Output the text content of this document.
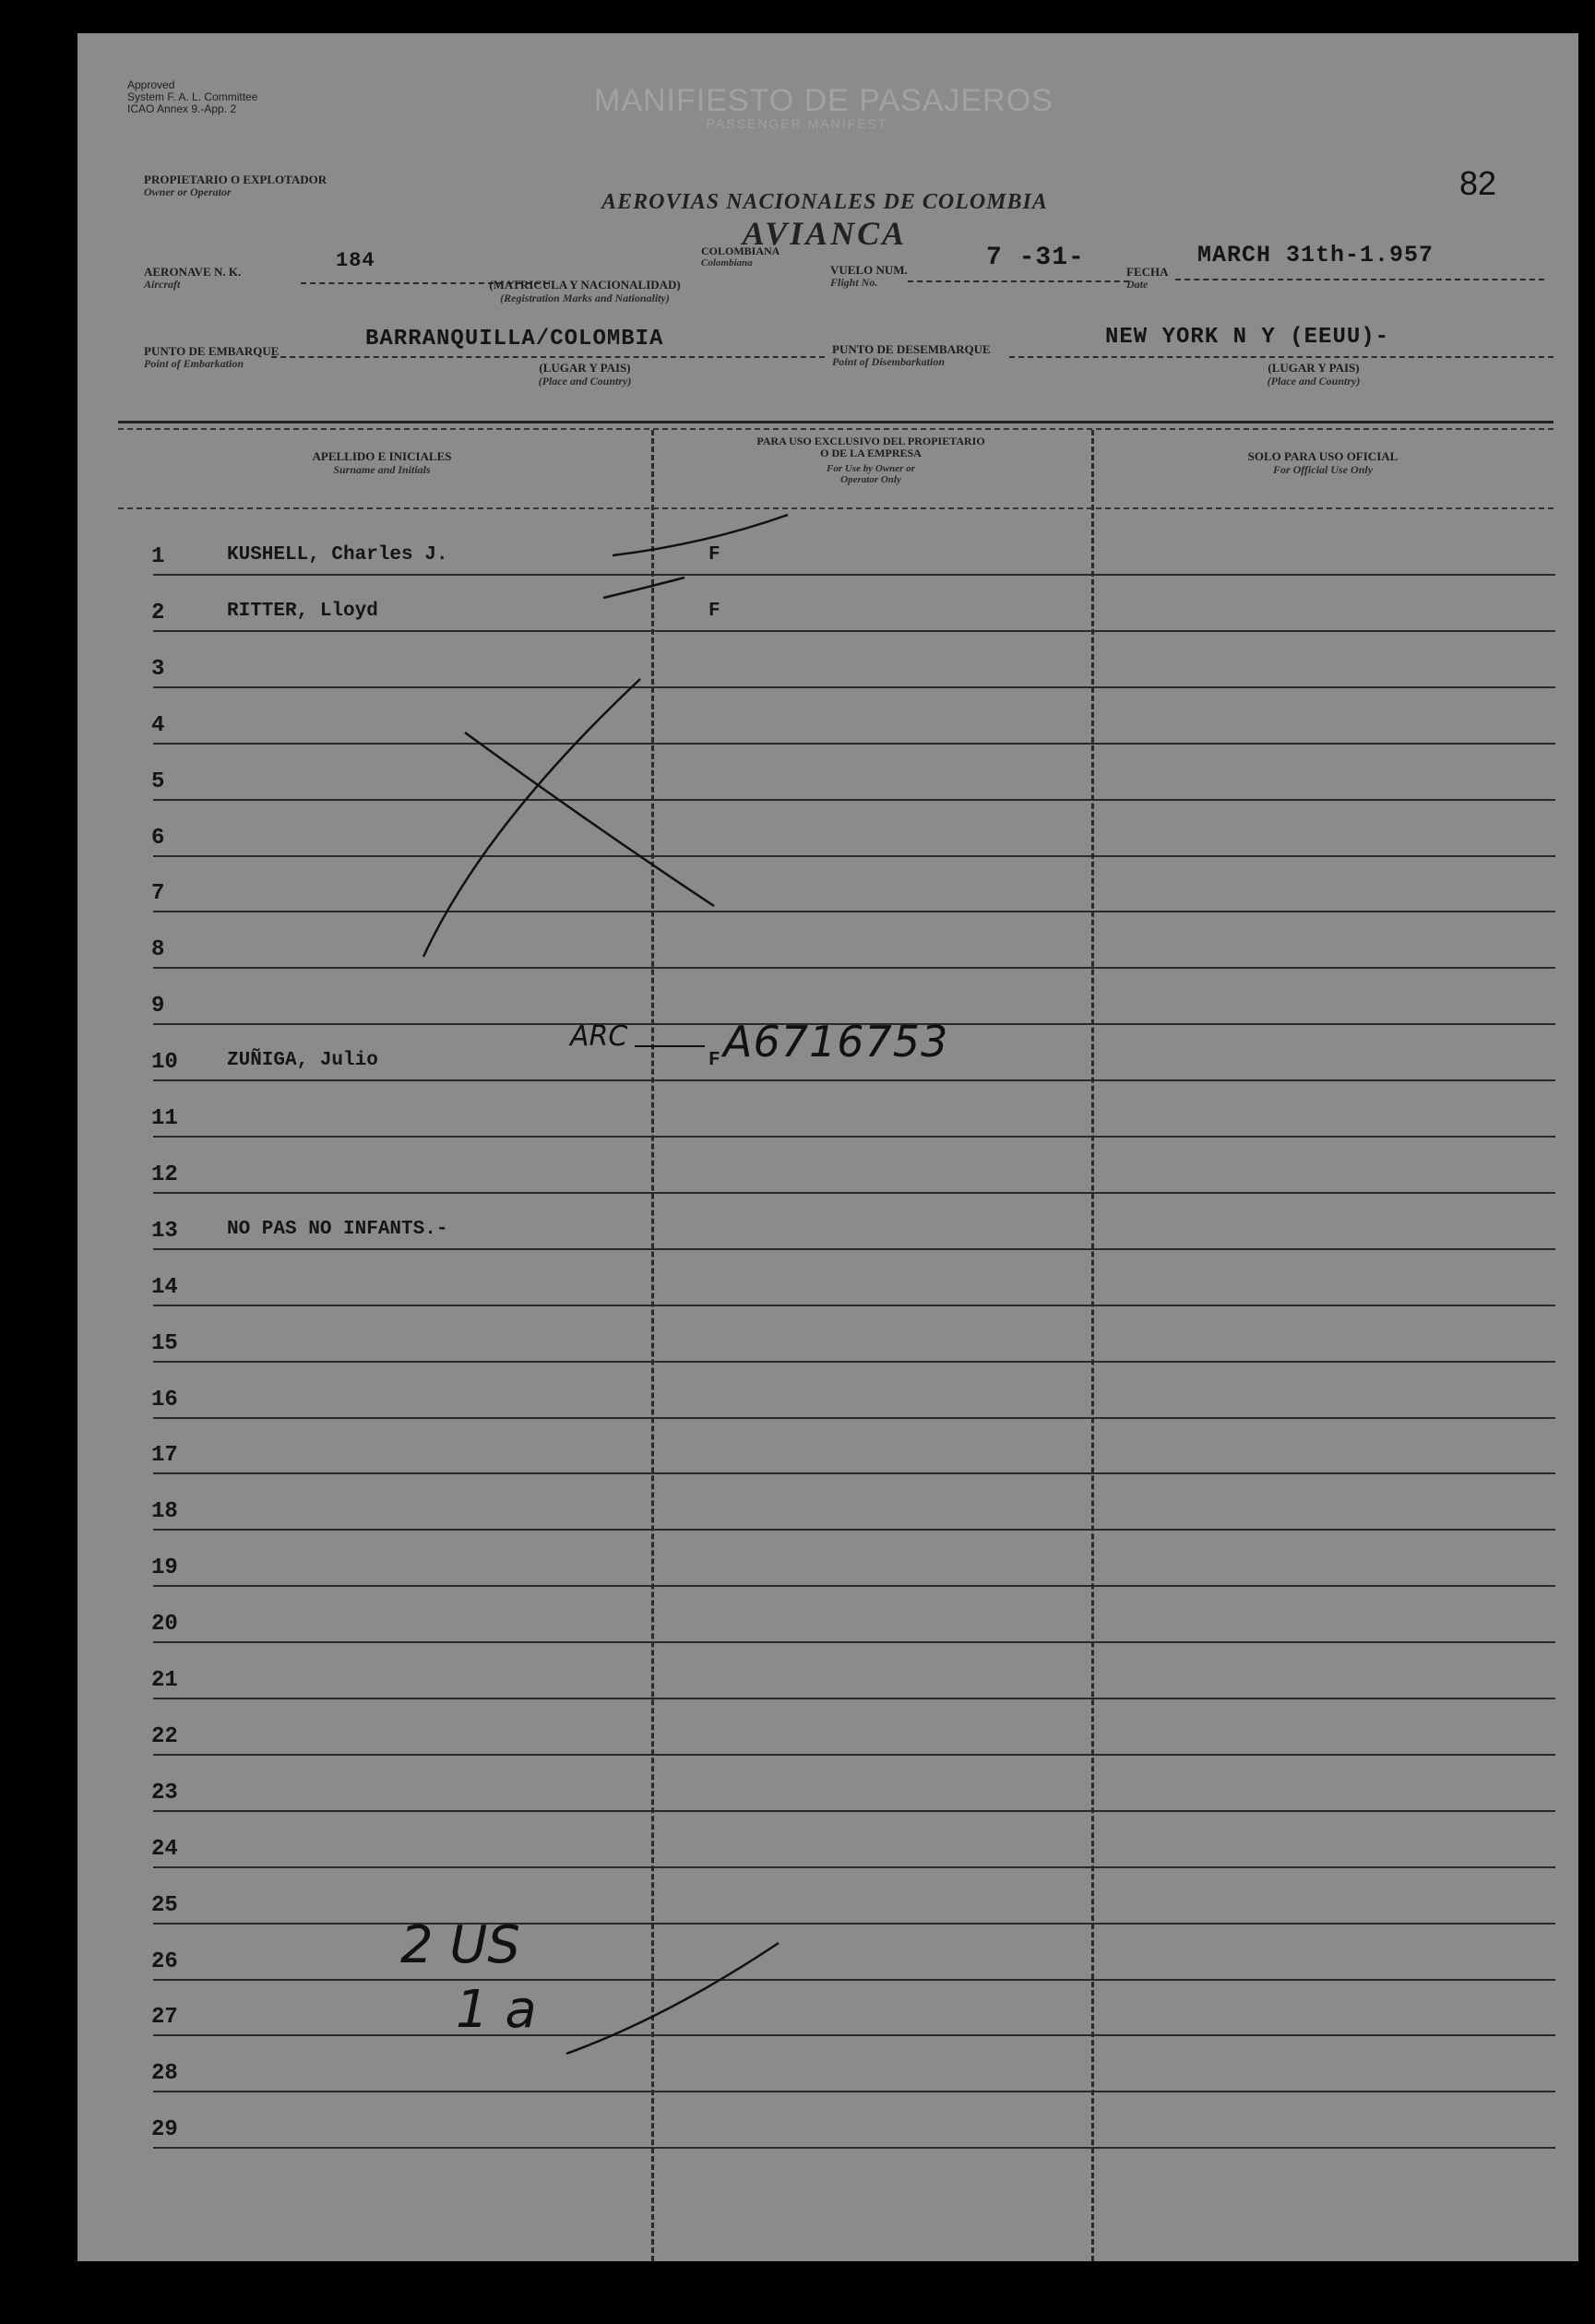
Approved
System F. A. L. Committee
ICAO Annex 9.-App. 2	MANIFIESTO DE PASAJEROS
PASSENGER MANIFEST
AEROVIAS NACIONALES DE COLOMBIA
AVIANCA
82
PROPIETARIO O EXPLOTADOR
Owner or Operator
AERONAVE N. K.
Aircraft
184
(MATRICULA Y NACIONALIDAD)
(Registration Marks and Nationality)
COLOMBIANA
Colombiana	VUELO NUM.
Flight No.
7 -31-	FECHA
Date
MARCH 31th-1.957
PUNTO DE EMBARQUE
Point of Embarkation
BARRANQUILLA/COLOMBIA
(LUGAR Y PAIS)
(Place and Country)
PUNTO DE DESEMBARQUE
Point of Disembarkation
NEW YORK N Y (EEUU)-
(LUGAR Y PAIS)
(Place and Country)
APELLIDO E INICIALES
Surname and Initials
PARA USO EXCLUSIVO DEL PROPIETARIO
O DE LA EMPRESA
For Use by Owner or
Operator Only
SOLO PARA USO OFICIAL
For Official Use Only
1	KUSHELL, Charles J.	F
2	RITTER, Lloyd	F
3
4
5
6
7
8
9
10	ZUÑIGA, Julio	F
11
12
13	NO PAS NO INFANTS.-
14
15
16
17
18
19
20
21
22
23
24
25
26
27
28
29
ARC A6716753
2 US
1 a
